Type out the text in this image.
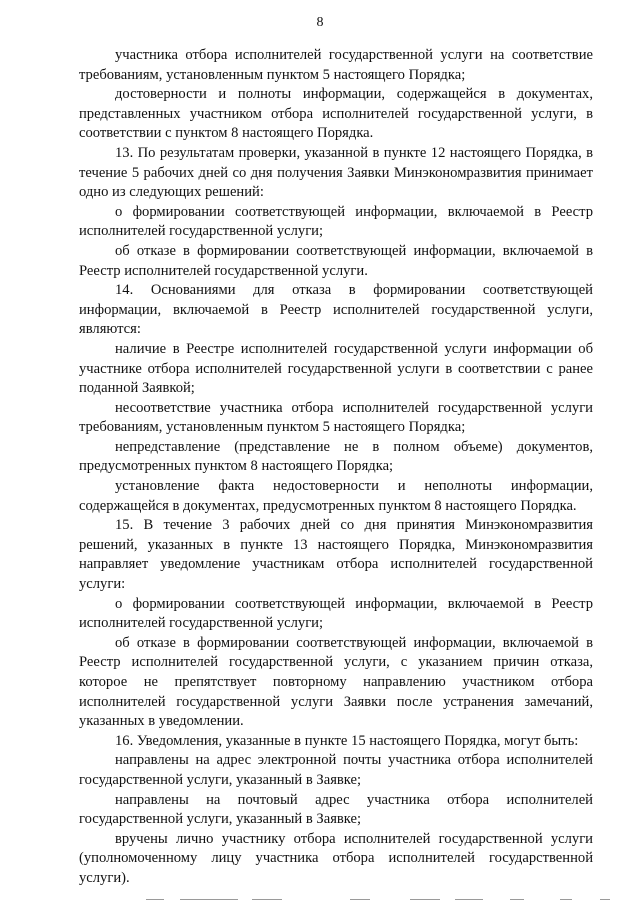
8

участника отбора исполнителей государственной услуги на соответствие требованиям, установленным пунктом 5 настоящего Порядка;

достоверности и полноты информации, содержащейся в документах, представленных участником отбора исполнителей государственной услуги, в соответствии с пунктом 8 настоящего Порядка.

13. По результатам проверки, указанной в пункте 12 настоящего Порядка, в течение 5 рабочих дней со дня получения Заявки Минэкономразвития принимает одно из следующих решений:

о формировании соответствующей информации, включаемой в Реестр исполнителей государственной услуги;

об отказе в формировании соответствующей информации, включаемой в Реестр исполнителей государственной услуги.

14. Основаниями для отказа в формировании соответствующей информации, включаемой в Реестр исполнителей государственной услуги, являются:

наличие в Реестре исполнителей государственной услуги информации об участнике отбора исполнителей государственной услуги в соответствии с ранее поданной Заявкой;

несоответствие участника отбора исполнителей государственной услуги требованиям, установленным пунктом 5 настоящего Порядка;

непредставление (представление не в полном объеме) документов, предусмотренных пунктом 8 настоящего Порядка;

установление факта недостоверности и неполноты информации, содержащейся в документах, предусмотренных пунктом 8 настоящего Порядка.

15. В течение 3 рабочих дней со дня принятия Минэкономразвития решений, указанных в пункте 13 настоящего Порядка, Минэкономразвития направляет уведомление участникам отбора исполнителей государственной услуги:

о формировании соответствующей информации, включаемой в Реестр исполнителей государственной услуги;

об отказе в формировании соответствующей информации, включаемой в Реестр исполнителей государственной услуги, с указанием причин отказа, которое не препятствует повторному направлению участником отбора исполнителей государственной услуги Заявки после устранения замечаний, указанных в уведомлении.

16. Уведомления, указанные в пункте 15 настоящего Порядка, могут быть:

направлены на адрес электронной почты участника отбора исполнителей государственной услуги, указанный в Заявке;

направлены на почтовый адрес участника отбора исполнителей государственной услуги, указанный в Заявке;

вручены лично участнику отбора исполнителей государственной услуги (уполномоченному лицу участника отбора исполнителей государственной услуги).
